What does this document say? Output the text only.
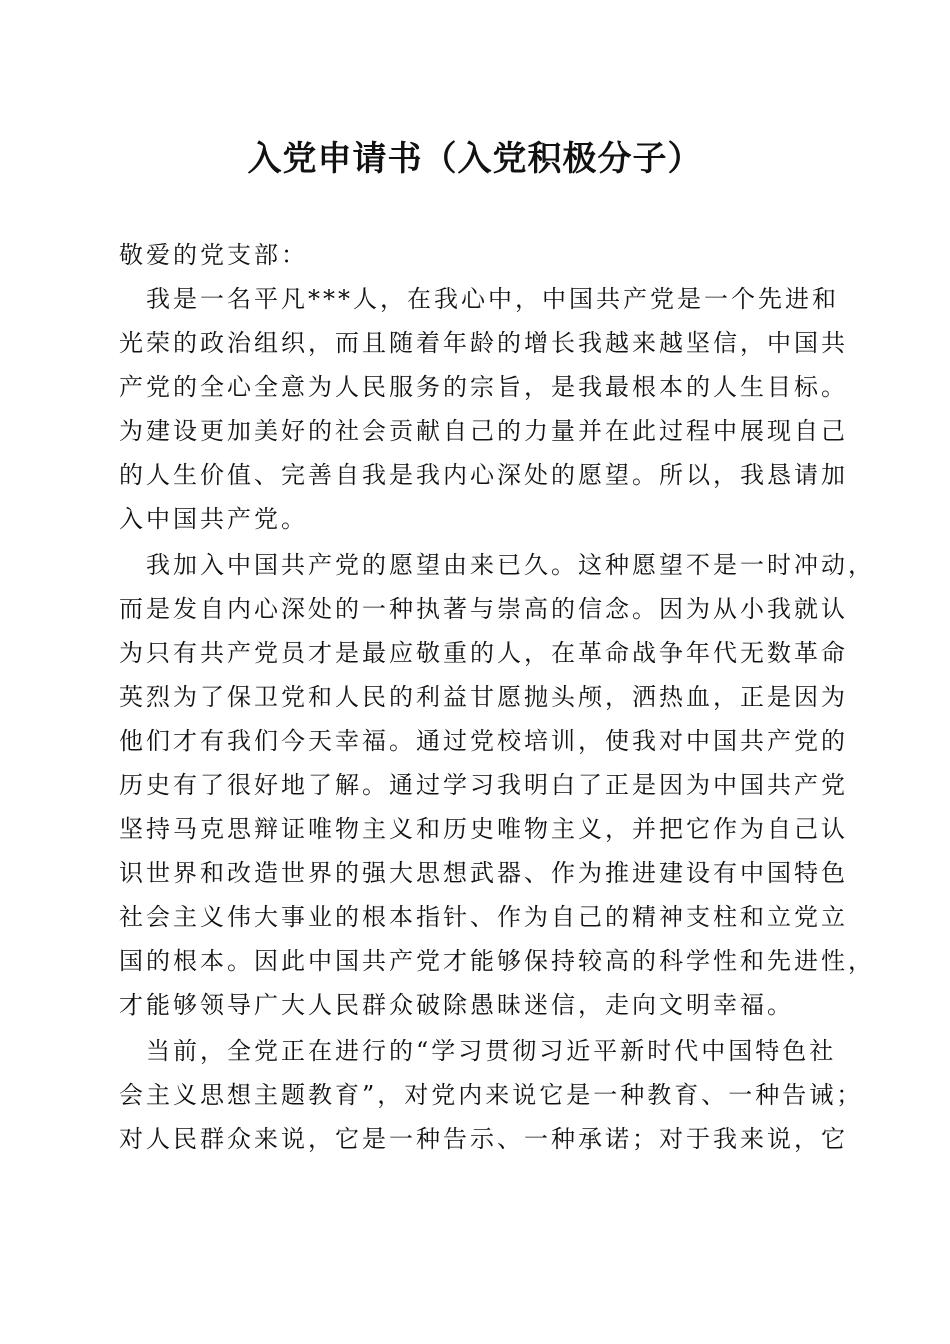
入党申请书（入党积极分子）
敬爱的党支部：
　我是一名平凡***人，在我心中，中国共产党是一个先进和
光荣的政治组织，而且随着年龄的增长我越来越坚信，中国共
产党的全心全意为人民服务的宗旨，是我最根本的人生目标。
为建设更加美好的社会贡献自己的力量并在此过程中展现自己
的人生价值、完善自我是我内心深处的愿望。所以，我恳请加
入中国共产党。
　我加入中国共产党的愿望由来已久。这种愿望不是一时冲动，
而是发自内心深处的一种执著与崇高的信念。因为从小我就认
为只有共产党员才是最应敬重的人，在革命战争年代无数革命
英烈为了保卫党和人民的利益甘愿抛头颅，洒热血，正是因为
他们才有我们今天幸福。通过党校培训，使我对中国共产党的
历史有了很好地了解。通过学习我明白了正是因为中国共产党
坚持马克思辩证唯物主义和历史唯物主义，并把它作为自己认
识世界和改造世界的强大思想武器、作为推进建设有中国特色
社会主义伟大事业的根本指针、作为自己的精神支柱和立党立
国的根本。因此中国共产党才能够保持较高的科学性和先进性，
才能够领导广大人民群众破除愚昧迷信，走向文明幸福。
　当前，全党正在进行的“学习贯彻习近平新时代中国特色社
会主义思想主题教育”，对党内来说它是一种教育、一种告诫；
对人民群众来说，它是一种告示、一种承诺；对于我来说，它
